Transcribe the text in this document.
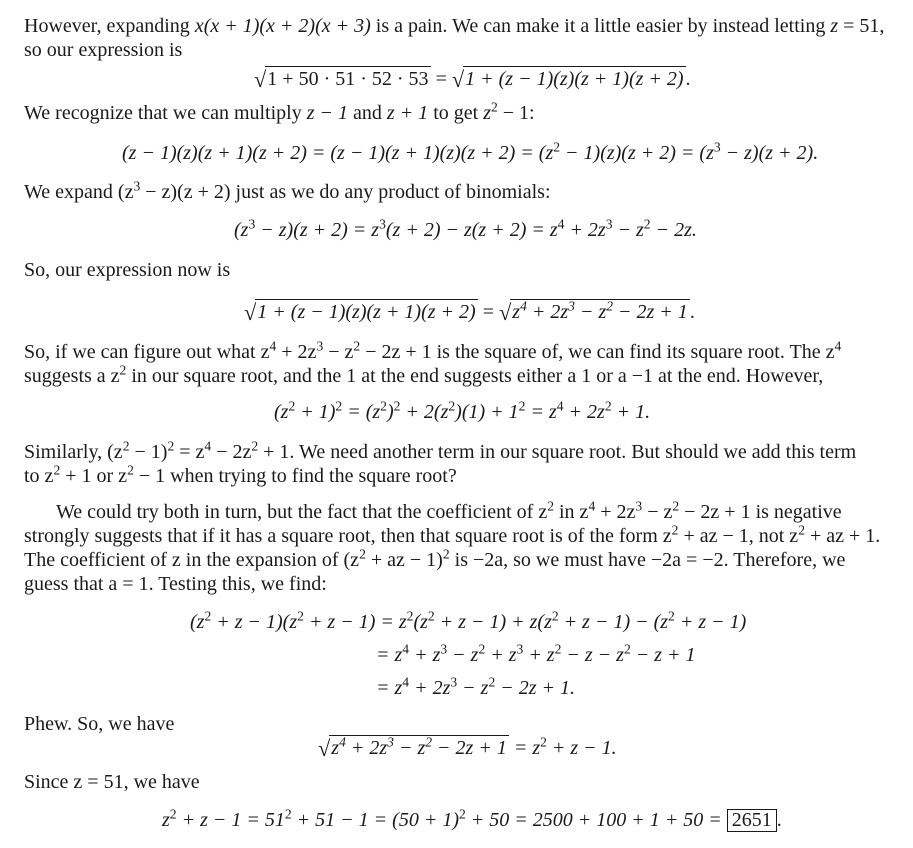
However, expanding x(x + 1)(x + 2)(x + 3) is a pain. We can make it a little easier by instead letting z = 51,
so our expression is
√1 + 50 · 51 · 52 · 53 = √1 + (z − 1)(z)(z + 1)(z + 2) .
We recognize that we can multiply z − 1 and z + 1 to get $z^2 - 1$:
$(z - 1)(z)(z + 1)(z + 2) = (z - 1)(z + 1)(z)(z + 2) = (z^2 - 1)(z)(z + 2) = (z^3 - z)(z + 2)$.
We expand $(z^3 - z)(z + 2)$ just as we do any product of binomials:
$(z^3 - z)(z + 2) = z^3(z + 2) - z(z + 2) = z^4 + 2z^3 - z^2 - 2z$.
So, our expression now is
$√1 + (z - 1)(z)(z + 1)(z + 2) = √z^4 + 2z^3 - z^2 - 2z + 1$ .
So, if we can figure out what $z^4 + 2z^3 - z^2 - 2z + 1$ is the square of, we can find its square root. The $z^4$
suggests a $z^2$ in our square root, and the 1 at the end suggests either a 1 or a −1 at the end. However,
$(z^2 + 1)^2 = (z^2)^2 + 2(z^2)(1) + 1^2 = z^4 + 2z^2 + 1$.
Similarly, $(z^2 - 1)^2 = z^4 - 2z^2 + 1$. We need another term in our square root. But should we add this term
to $z^2 + 1$ or $z^2 - 1$ when trying to find the square root?
We could try both in turn, but the fact that the coefficient of $z^2$ in $z^4 + 2z^3 - z^2 - 2z + 1$ is negative
strongly suggests that if it has a square root, then that square root is of the form $z^2$ + az − 1, not $z^2$ + az + 1.
The coefficient of z in the expansion of ($z^2$ + az − 1)$^2$ is −2a, so we must have −2a = −2. Therefore, we
guess that a = 1. Testing this, we find:
$(z^2 + z - 1)(z^2 + z - 1) = z^2(z^2 + z - 1) + z(z^2 + z - 1) - (z^2 + z - 1)$
= $z^4 + z^3 - z^2 + z^3 + z^2 - z - z^2 - z + 1$
= $z^4 + 2z^3 - z^2 - 2z + 1$.
Phew. So, we have
$√z^4 + 2z^3 - z^2 - 2z + 1 = z^2 + z - 1$.
Since z = 51, we have
$z^2 + z - 1 = 51^2 + 51 - 1 = (50 + 1)^2 + 50 = 2500 + 100 + 1 + 50 = 2651$ .
